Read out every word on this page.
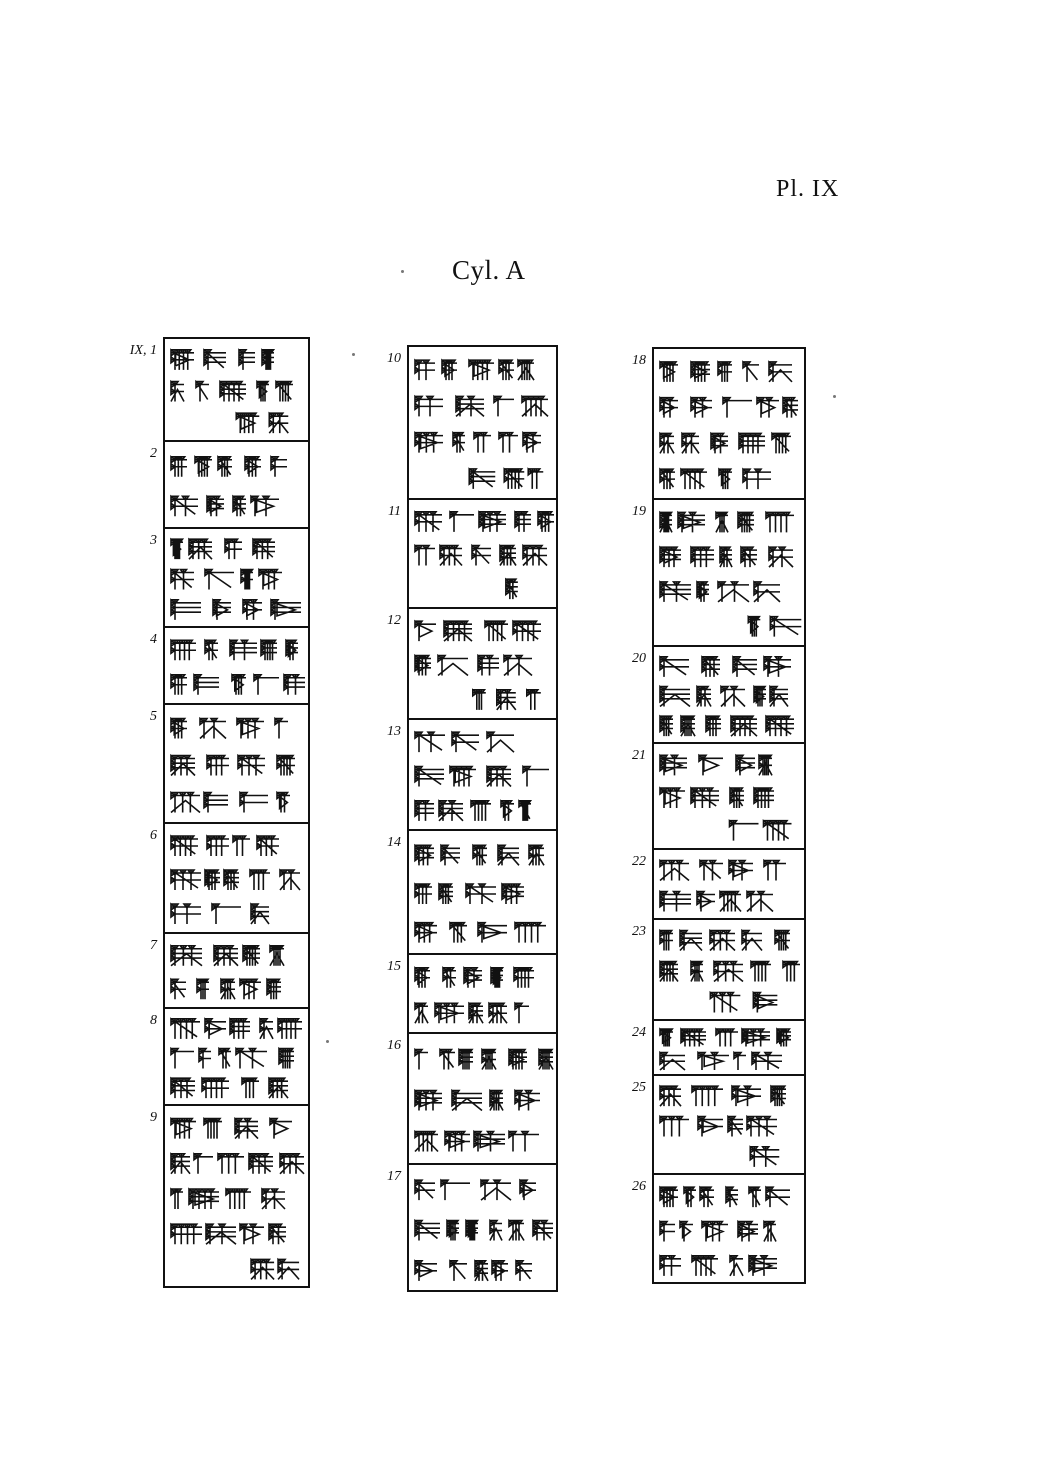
Pl. IX
Cyl. A
IX, 1
2
3
4
5
6
7
8
9
10
11
12
13
14
15
16
17
18
19
20
21
22
23
24
25
26
